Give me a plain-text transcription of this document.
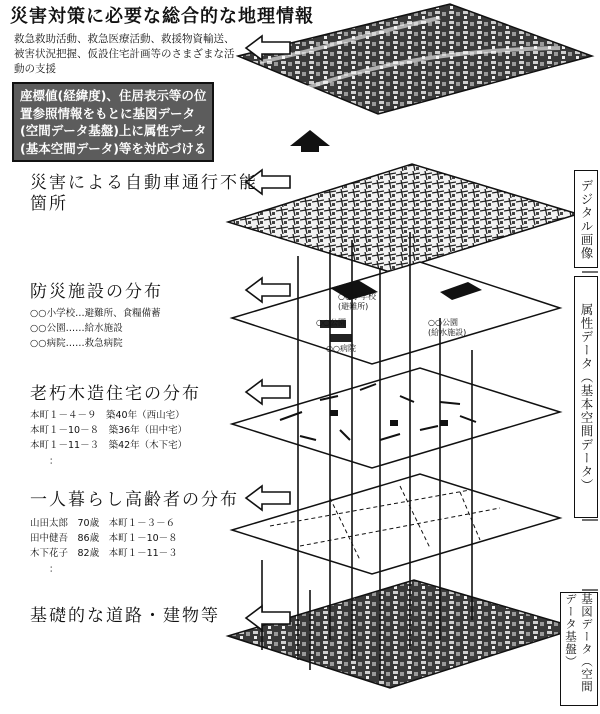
災害対策に必要な総合的な地理情報
救急救助活動、救急医療活動、救援物資輸送、
被害状況把握、仮設住宅計画等のさまざまな活
動の支援
座標値(経緯度)、住居表示等の位
置参照情報をもとに基図データ
(空間データ基盤)上に属性データ
(基本空間データ)等を対応づける
災害による自動車通行不能
箇所
防災施設の分布
○○小学校…避難所、食糧備蓄
○○公園……給水施設
○○病院……救急病院
老朽木造住宅の分布
本町１－４－９　築40年（西山宅）
本町１－10－８　築36年（田中宅）
本町１－11－３　築42年（木下宅）
　　：
一人暮らし高齢者の分布
山田太郎　70歳　本町１－３－６
田中健吾　86歳　本町１－10－８
木下花子　82歳　本町１－11－３
　　：
基礎的な道路・建物等
○○小学校
(避難所)
○○公園
○○病院
○○公園
(給水施設)
デジタル画像
属性データ（基本空間データ）
基図データ（空間データ基盤）
